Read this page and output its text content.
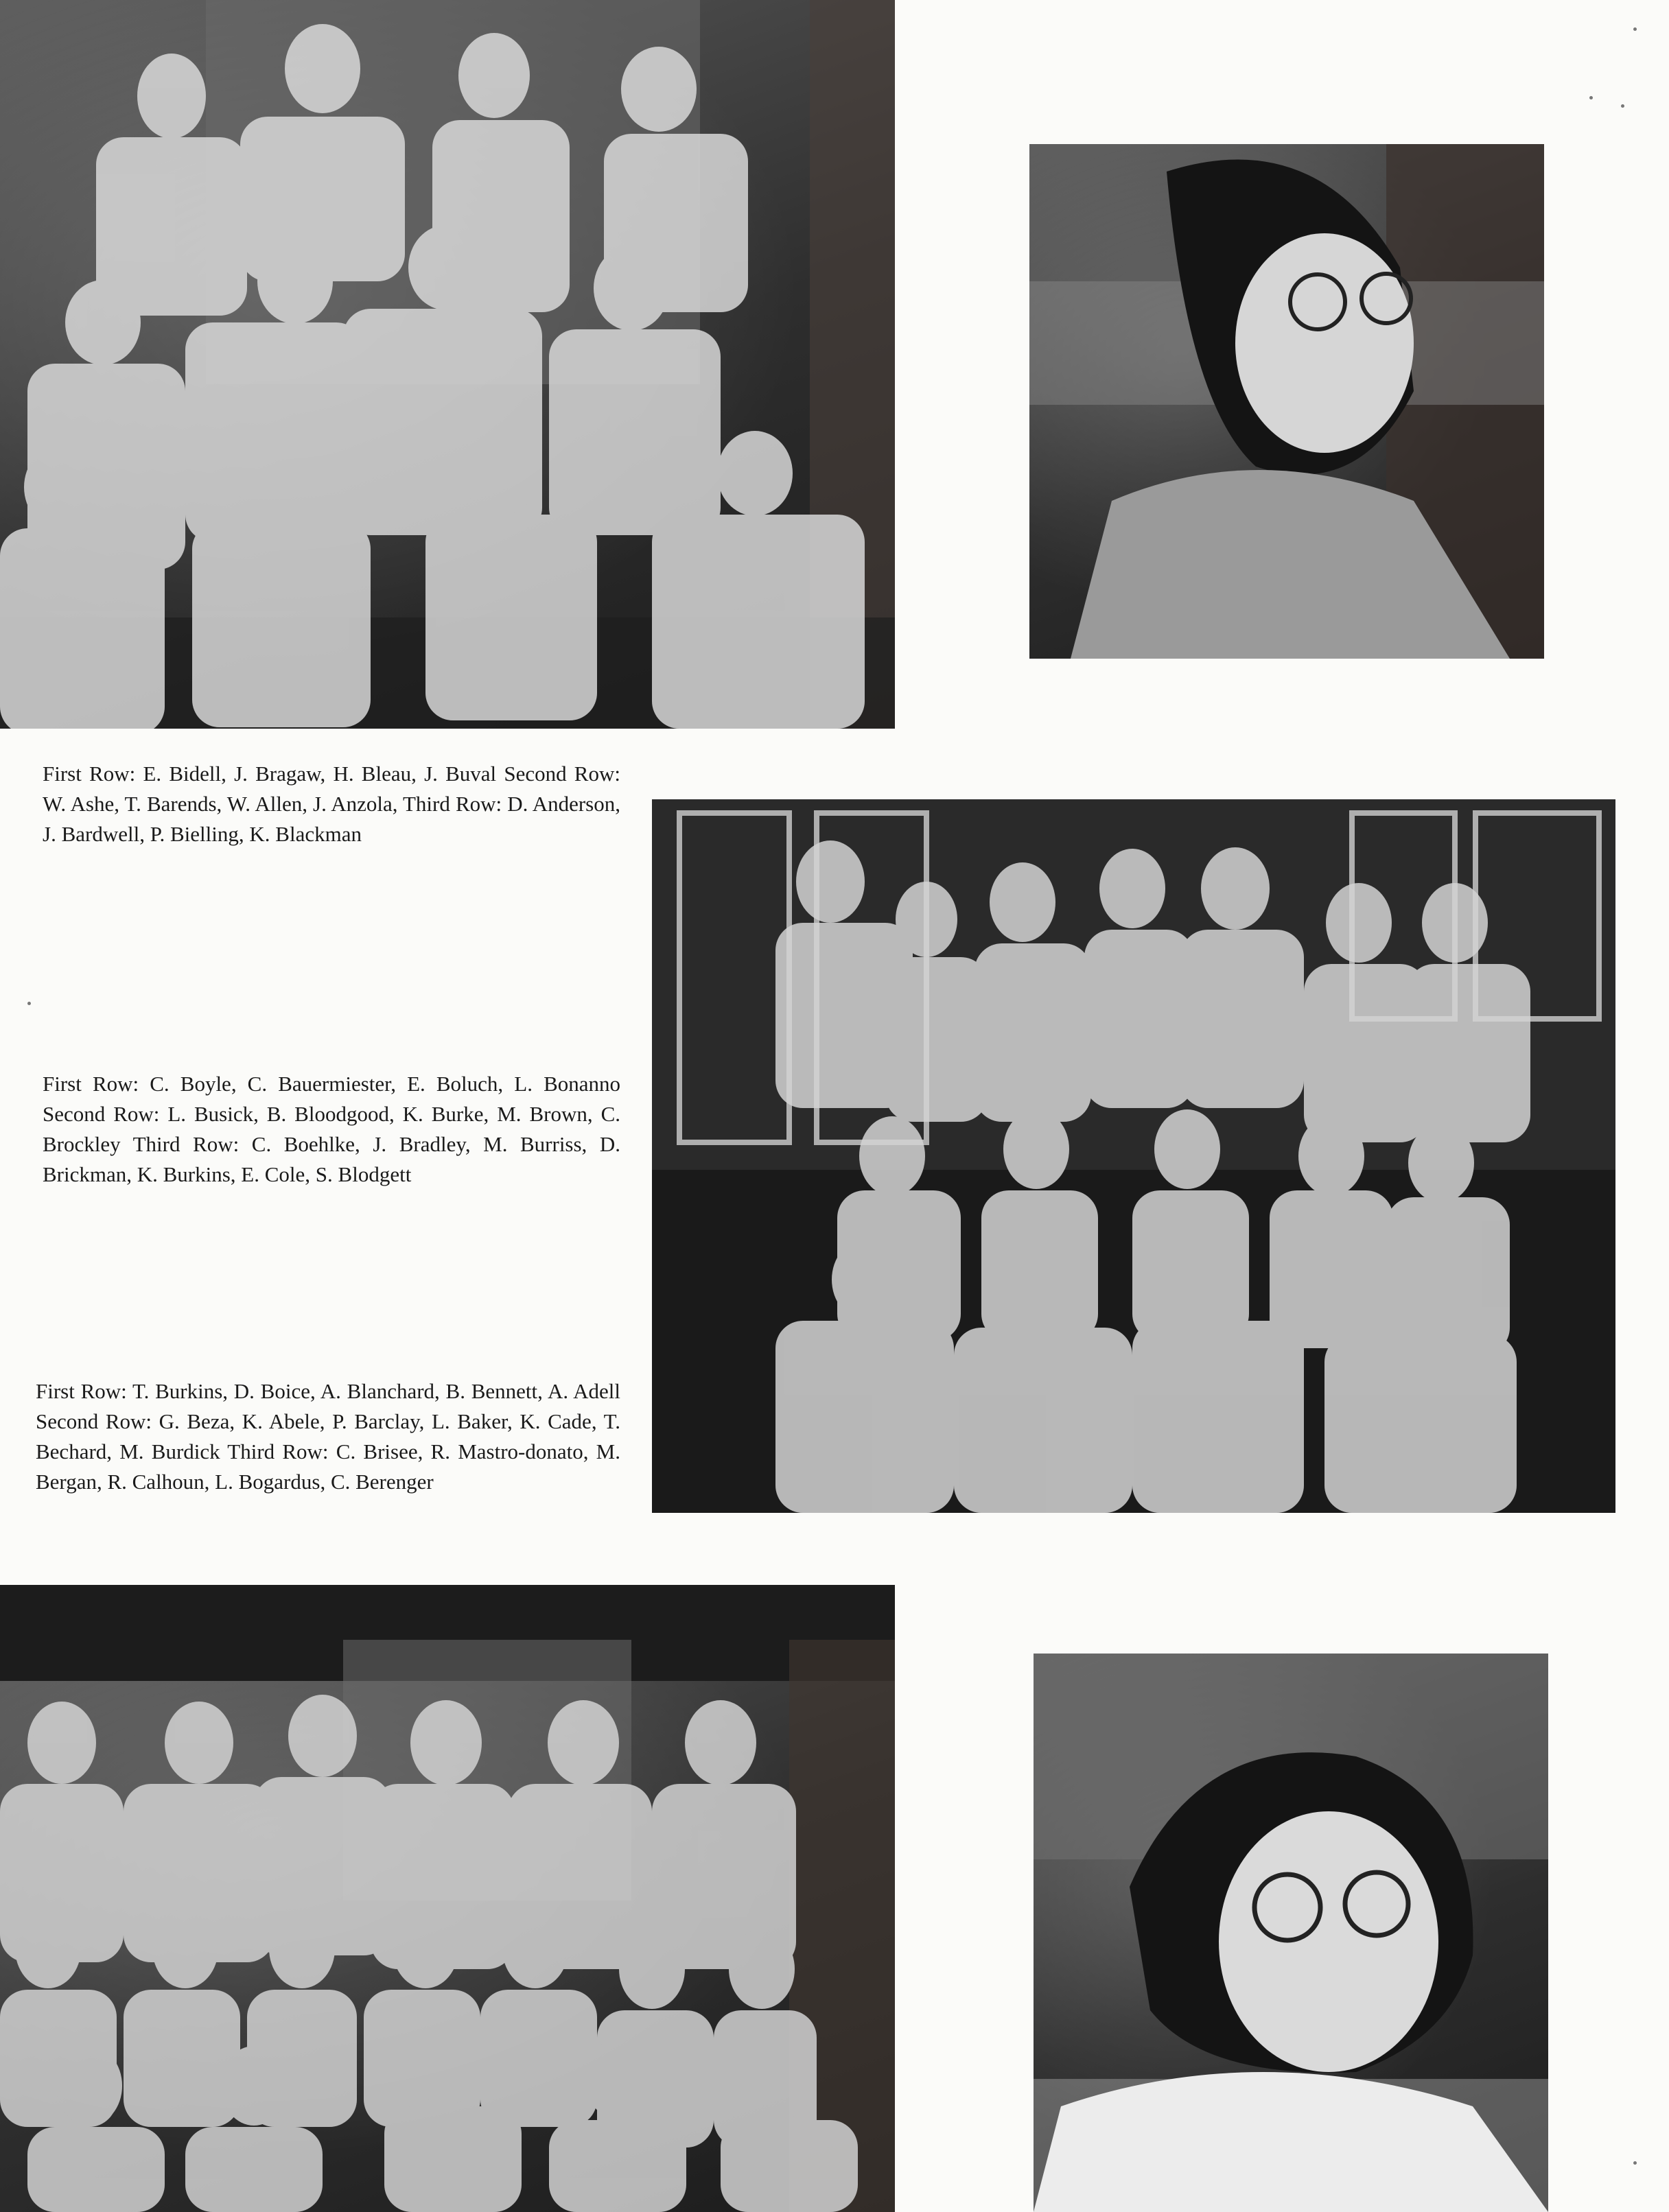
First Row: E. Bidell, J. Bragaw, H. Bleau, J. Buval Second Row: W. Ashe, T. Barends, W. Allen, J. Anzola, Third Row: D. Anderson, J. Bardwell, P. Bielling, K. Blackman

First Row: C. Boyle, C. Bauermiester, E. Boluch, L. Bonanno Second Row: L. Busick, B. Bloodgood, K. Burke, M. Brown, C. Brockley Third Row: C. Boehlke, J. Bradley, M. Burriss, D. Brickman, K. Burkins, E. Cole, S. Blodgett

First Row: T. Burkins, D. Boice, A. Blanchard, B. Bennett, A. Adell Second Row: G. Beza, K. Abele, P. Barclay, L. Baker, K. Cade, T. Bechard, M. Burdick Third Row: C. Brisee, R. Mastro-donato, M. Bergan, R. Calhoun, L. Bogardus, C. Berenger
